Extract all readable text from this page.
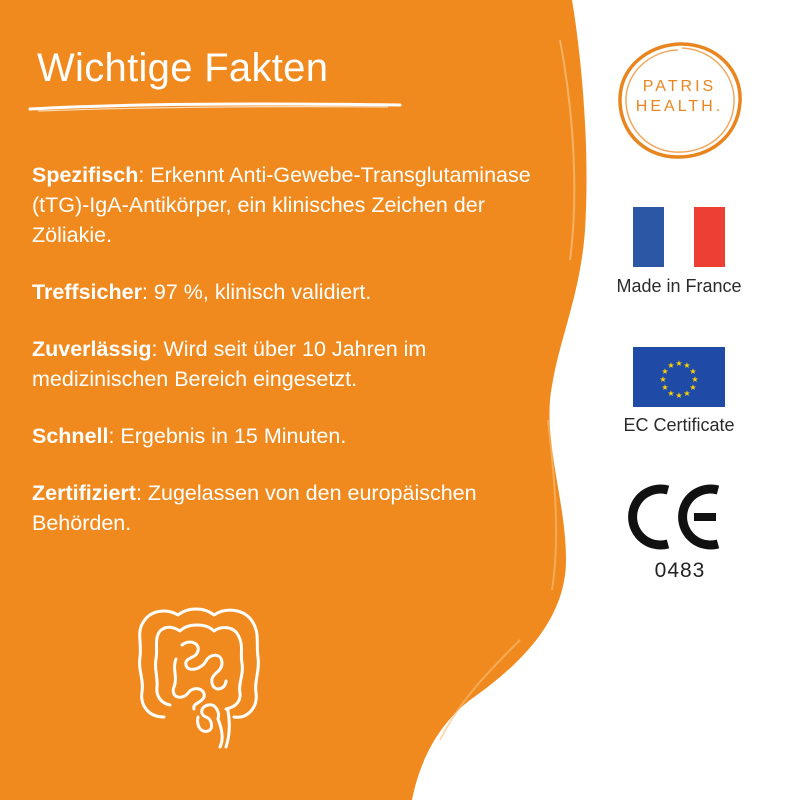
Wichtige Fakten

Spezifisch: Erkennt Anti-Gewebe-Transglutaminase (tTG)-IgA-Antikörper, ein klinisches Zeichen der Zöliakie.

Treffsicher: 97 %, klinisch validiert.

Zuverlässig: Wird seit über 10 Jahren im medizinischen Bereich eingesetzt.

Schnell: Ergebnis in 15 Minuten.

Zertifiziert: Zugelassen von den europäischen Behörden.

PATRIS
HEALTH.
Made in France
★ ★
★
★
★
★
★
★
★
★
★
★
EC Certificate
0483
